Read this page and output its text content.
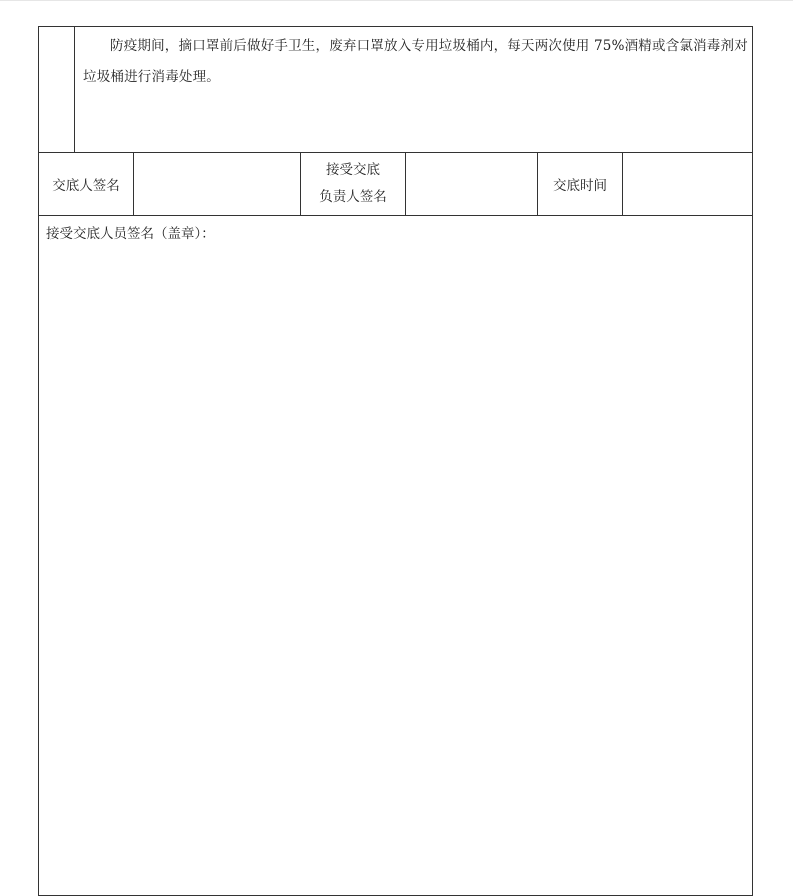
防疫期间，摘口罩前后做好手卫生，废弃口罩放入专用垃圾桶内，每天两次使用 75%酒精或含氯消毒剂对垃圾桶进行消毒处理。
交底人签名
接受交底
负责人签名
交底时间
接受交底人员签名（盖章）：
